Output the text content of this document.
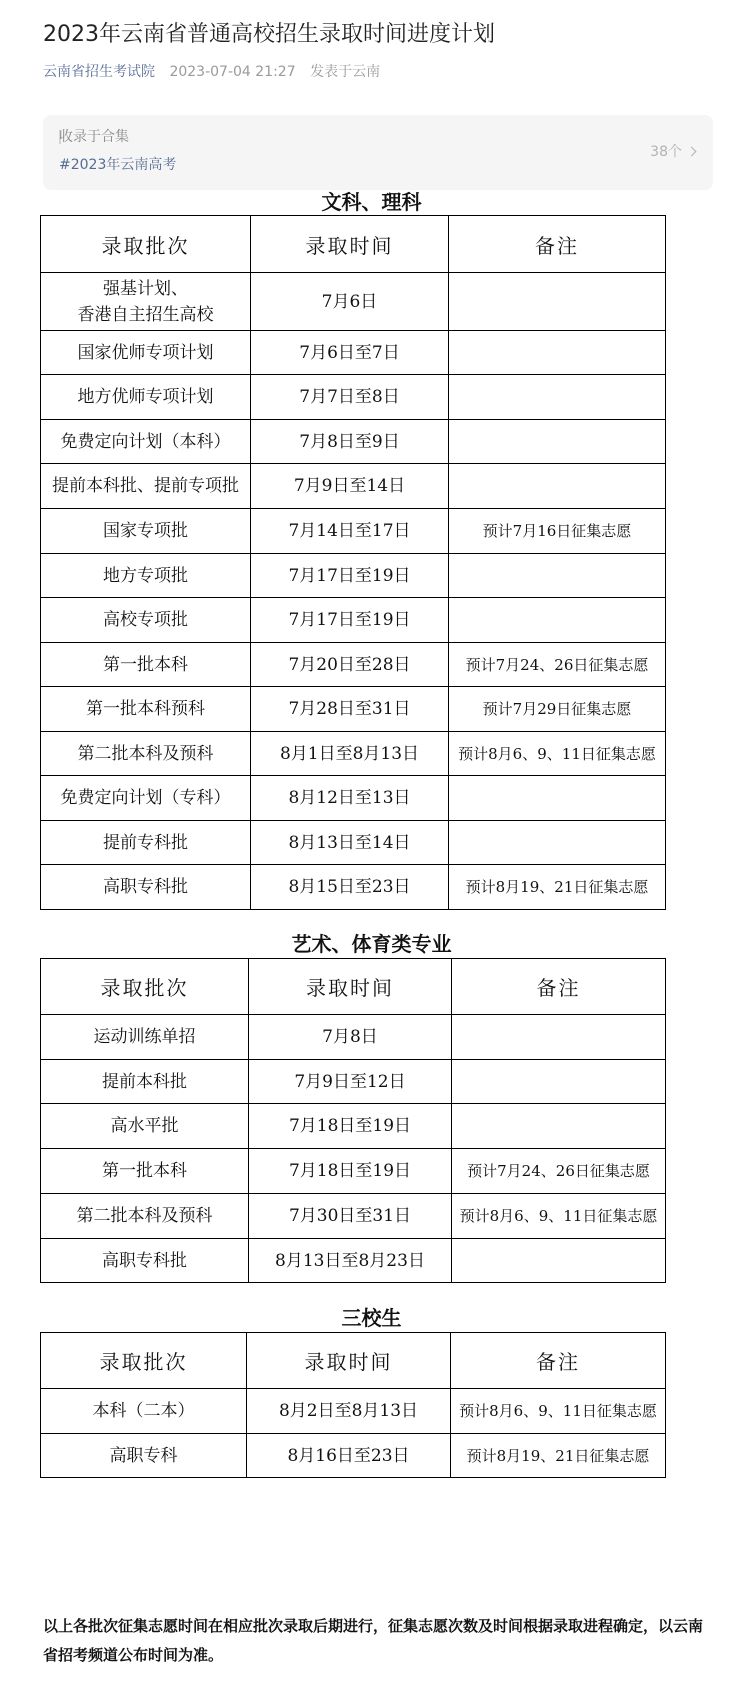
2023年云南省普通高校招生录取时间进度计划
云南省招生考试院 2023-07-04 21:27 发表于云南
收录于合集
#2023年云南高考
38个
文科、理科
录取批次	录取时间	备注
强基计划、
香港自主招生高校	7月6日	
国家优师专项计划	7月6日至7日	
地方优师专项计划	7月7日至8日	
免费定向计划（本科）	7月8日至9日	
提前本科批、提前专项批	7月9日至14日	
国家专项批	7月14日至17日	预计7月16日征集志愿
地方专项批	7月17日至19日	
高校专项批	7月17日至19日	
第一批本科	7月20日至28日	预计7月24、26日征集志愿
第一批本科预科	7月28日至31日	预计7月29日征集志愿
第二批本科及预科	8月1日至8月13日	预计8月6、9、11日征集志愿
免费定向计划（专科）	8月12日至13日	
提前专科批	8月13日至14日	
高职专科批	8月15日至23日	预计8月19、21日征集志愿
艺术、体育类专业
录取批次	录取时间	备注
运动训练单招	7月8日	
提前本科批	7月9日至12日	
高水平批	7月18日至19日	
第一批本科	7月18日至19日	预计7月24、26日征集志愿
第二批本科及预科	7月30日至31日	预计8月6、9、11日征集志愿
高职专科批	8月13日至8月23日	
三校生
录取批次	录取时间	备注
本科（二本）	8月2日至8月13日	预计8月6、9、11日征集志愿
高职专科	8月16日至23日	预计8月19、21日征集志愿

以上各批次征集志愿时间在相应批次录取后期进行，征集志愿次数及时间根据录取进程确定，以云南省招考频道公布时间为准。
